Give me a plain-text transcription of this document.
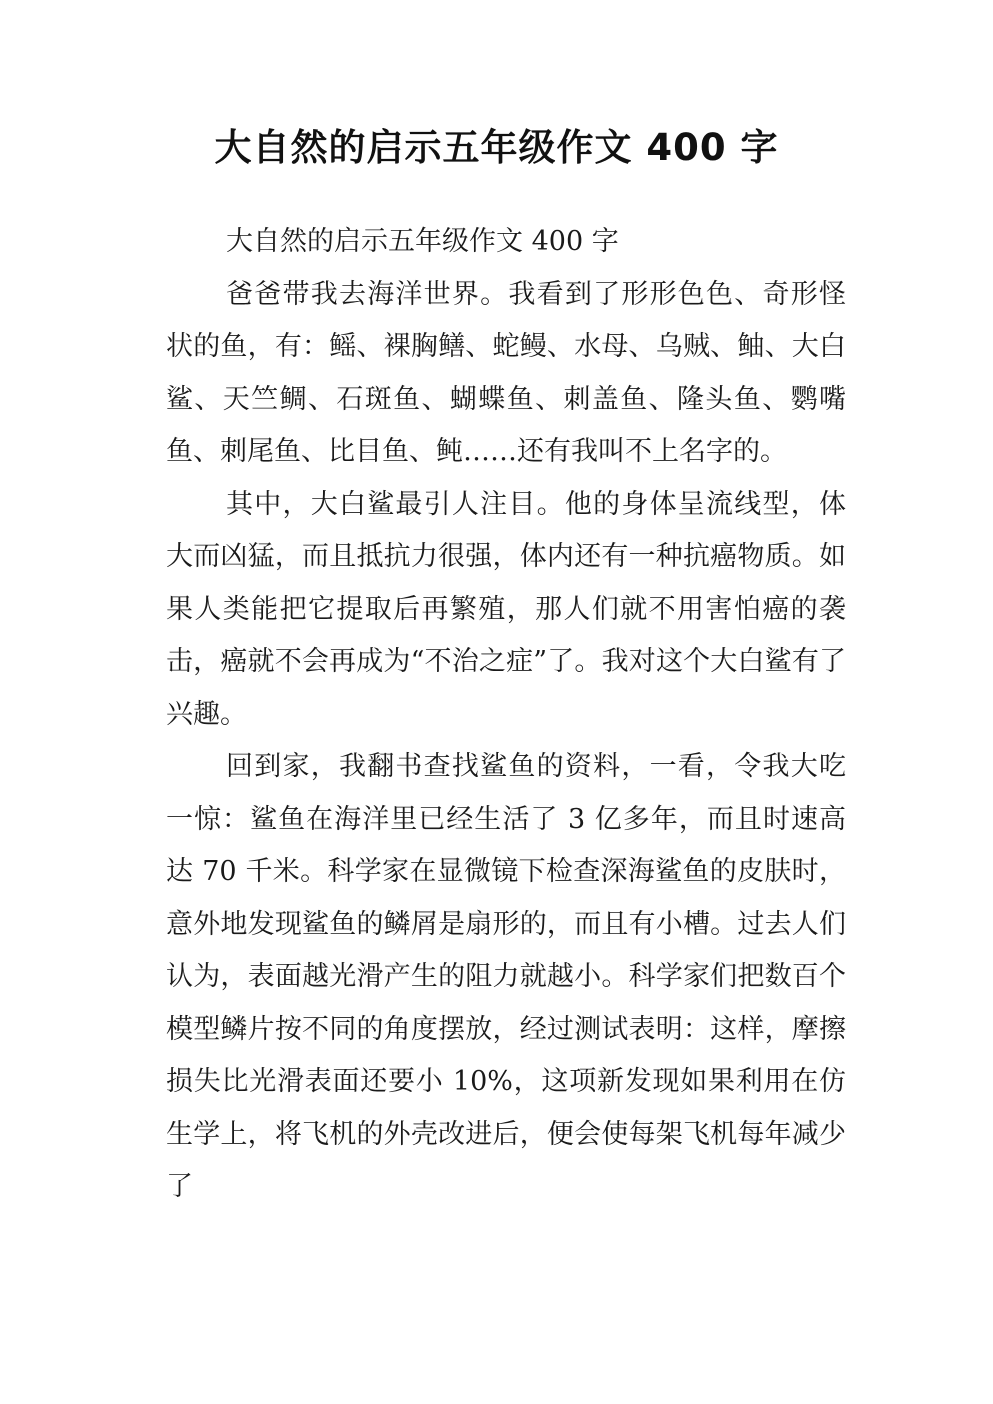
大自然的启示五年级作文 400 字

大自然的启示五年级作文 400 字

爸爸带我去海洋世界。我看到了形形色色、奇形怪状的鱼，有：鳐、裸胸鳝、蛇鳗、水母、乌贼、鲉、大白鲨、天竺鲷、石斑鱼、蝴蝶鱼、刺盖鱼、隆头鱼、鹦嘴鱼、刺尾鱼、比目鱼、鲀……还有我叫不上名字的。

其中，大白鲨最引人注目。他的身体呈流线型，体大而凶猛，而且抵抗力很强，体内还有一种抗癌物质。如果人类能把它提取后再繁殖，那人们就不用害怕癌的袭击，癌就不会再成为“不治之症”了。我对这个大白鲨有了兴趣。

回到家，我翻书查找鲨鱼的资料，一看，令我大吃一惊：鲨鱼在海洋里已经生活了 3 亿多年，而且时速高达 70 千米。科学家在显微镜下检查深海鲨鱼的皮肤时，意外地发现鲨鱼的鳞屑是扇形的，而且有小槽。过去人们认为，表面越光滑产生的阻力就越小。科学家们把数百个模型鳞片按不同的角度摆放，经过测试表明：这样，摩擦损失比光滑表面还要小 10%，这项新发现如果利用在仿生学上，将飞机的外壳改进后，便会使每架飞机每年减少了
